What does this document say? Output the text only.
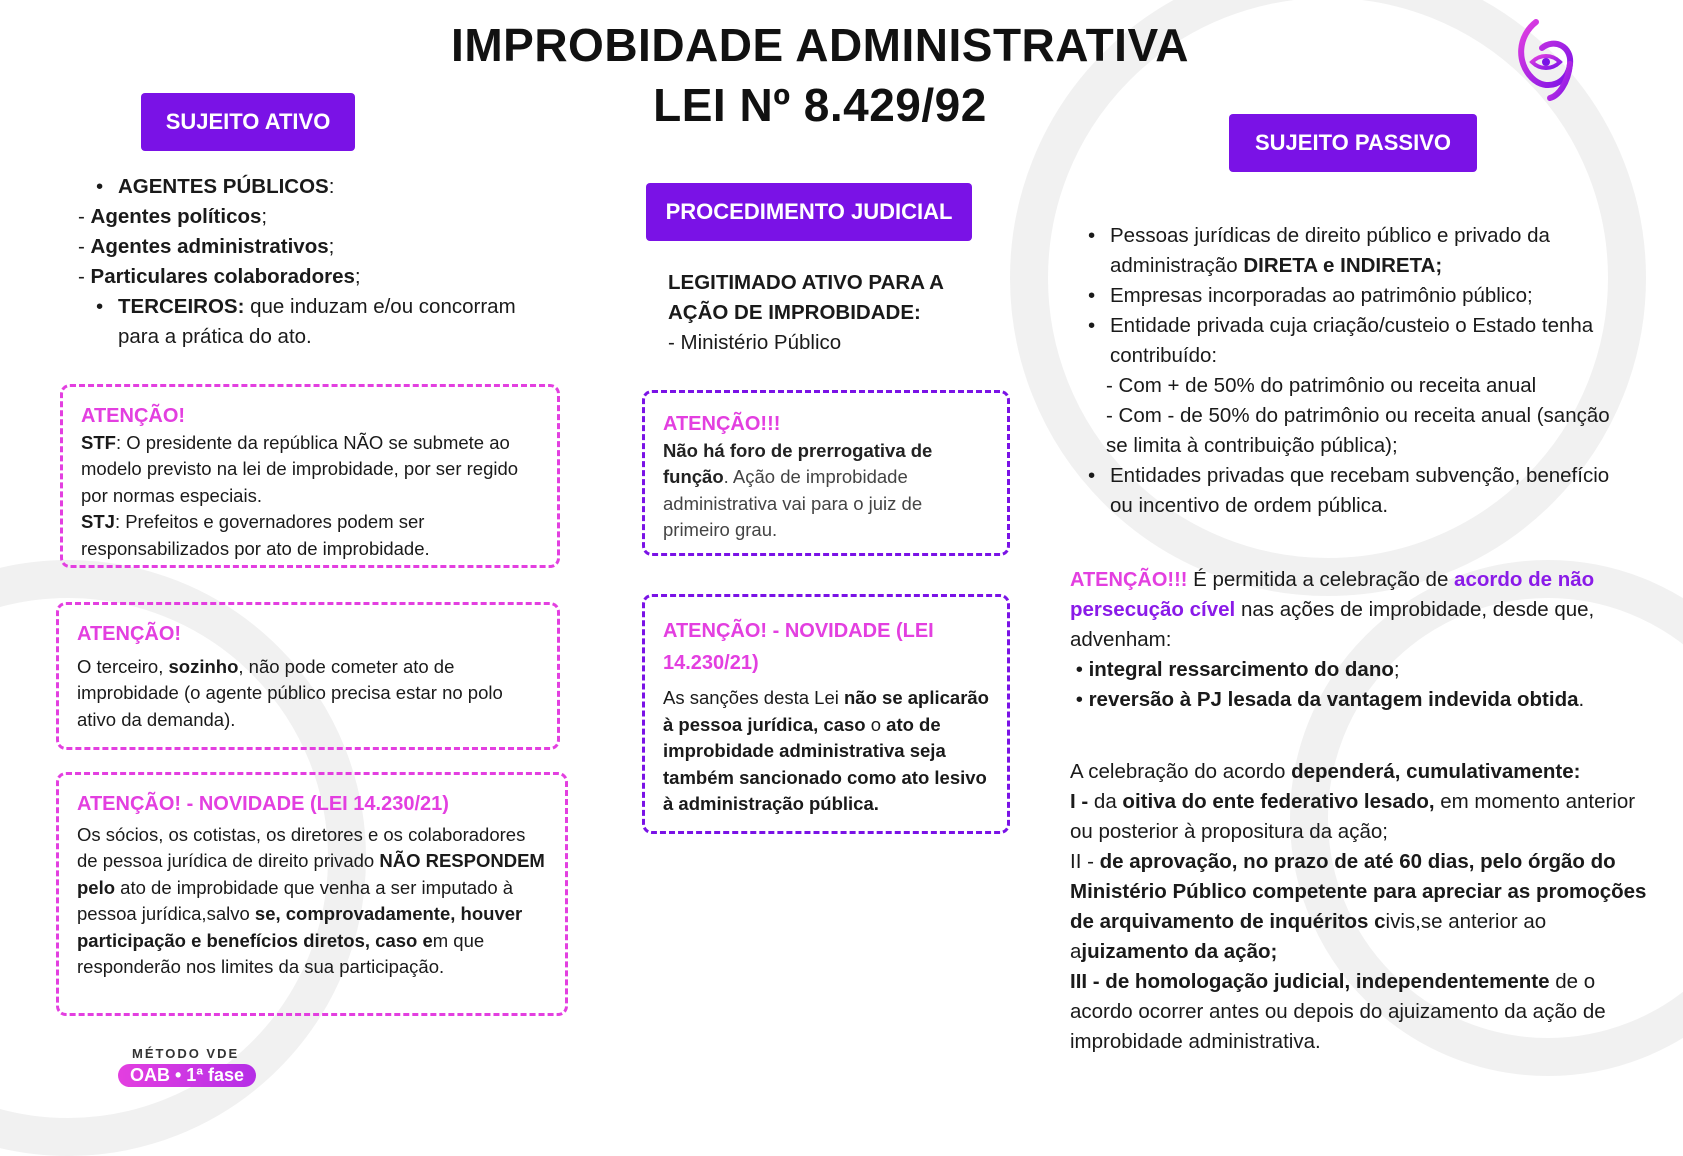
IMPROBIDADE ADMINISTRATIVA
LEI Nº 8.429/92
SUJEITO ATIVO
• AGENTES PÚBLICOS:
- Agentes políticos;
- Agentes administrativos;
- Particulares colaboradores;
• TERCEIROS: que induzam e/ou concorram para a prática do ato.
ATENÇÃO!

STF: O presidente da república NÃO se submete ao modelo previsto na lei de improbidade, por ser regido por normas especiais.

STJ: Prefeitos e governadores podem ser responsabilizados por ato de improbidade.

ATENÇÃO!

O terceiro, sozinho, não pode cometer ato de improbidade (o agente público precisa estar no polo ativo da demanda).

ATENÇÃO! - NOVIDADE (LEI 14.230/21)

Os sócios, os cotistas, os diretores e os colaboradores de pessoa jurídica de direito privado NÃO RESPONDEM pelo ato de improbidade que venha a ser imputado à pessoa jurídica,salvo se, comprovadamente, houver participação e benefícios diretos, caso em que responderão nos limites da sua participação.

MÉTODO VDE
OAB • 1ª fase
PROCEDIMENTO JUDICIAL
LEGITIMADO ATIVO PARA A AÇÃO DE IMPROBIDADE:
- Ministério Público
ATENÇÃO!!!

Não há foro de prerrogativa de função. Ação de improbidade administrativa vai para o juiz de primeiro grau.

ATENÇÃO! - NOVIDADE (LEI 14.230/21)

As sanções desta Lei não se aplicarão à pessoa jurídica, caso o ato de improbidade administrativa seja também sancionado como ato lesivo à administração pública.

SUJEITO PASSIVO
• Pessoas jurídicas de direito público e privado da administração DIRETA e INDIRETA;
• Empresas incorporadas ao patrimônio público;
• Entidade privada cuja criação/custeio o Estado tenha contribuído:
- Com + de 50% do patrimônio ou receita anual
- Com - de 50% do patrimônio ou receita anual (sanção se limita à contribuição pública);
• Entidades privadas que recebam subvenção, benefício ou incentivo de ordem pública.

ATENÇÃO!!! É permitida a celebração de acordo de não persecução cível nas ações de improbidade, desde que, advenham:

• integral ressarcimento do dano;
• reversão à PJ lesada da vantagem indevida obtida.

A celebração do acordo dependerá, cumulativamente:

I - da oitiva do ente federativo lesado, em momento anterior ou posterior à propositura da ação;

II - de aprovação, no prazo de até 60 dias, pelo órgão do Ministério Público competente para apreciar as promoções de arquivamento de inquéritos civis,se anterior ao ajuizamento da ação;

III - de homologação judicial, independentemente de o acordo ocorrer antes ou depois do ajuizamento da ação de improbidade administrativa.
